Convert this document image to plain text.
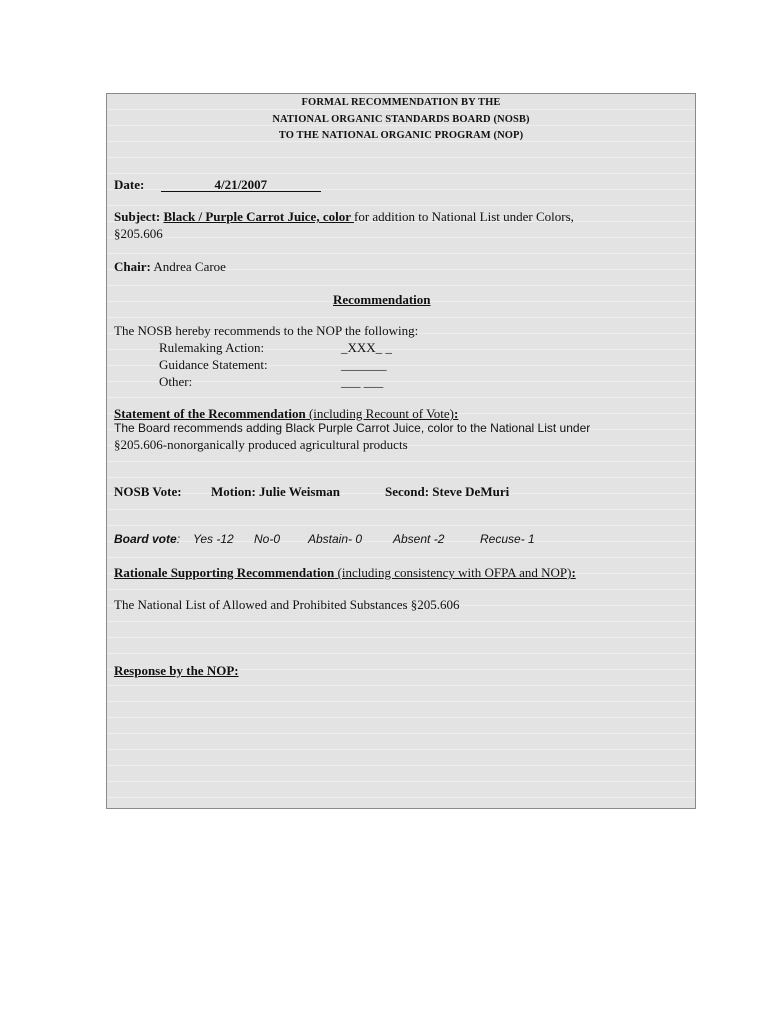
FORMAL RECOMMENDATION BY THE
NATIONAL ORGANIC STANDARDS BOARD (NOSB)
TO THE NATIONAL ORGANIC PROGRAM (NOP)
Date:	4/21/2007
Subject: Black / Purple Carrot Juice, color for addition to National List under Colors,
§205.606
Chair: Andrea Caroe
Recommendation
The NOSB hereby recommends to the NOP the following:
Rulemaking Action:	_XXX_ _
Guidance Statement:	_______
Other:	___ ___
Statement of the Recommendation (including Recount of Vote):
The Board recommends adding Black Purple Carrot Juice, color to the National List under
§205.606-nonorganically produced agricultural products
NOSB Vote: Motion: Julie Weisman	Second: Steve DeMuri
Board vote: Yes -12 No-0 Abstain- 0	Absent -2	Recuse- 1
Rationale Supporting Recommendation (including consistency with OFPA and NOP):
The National List of Allowed and Prohibited Substances §205.606
Response by the NOP:
